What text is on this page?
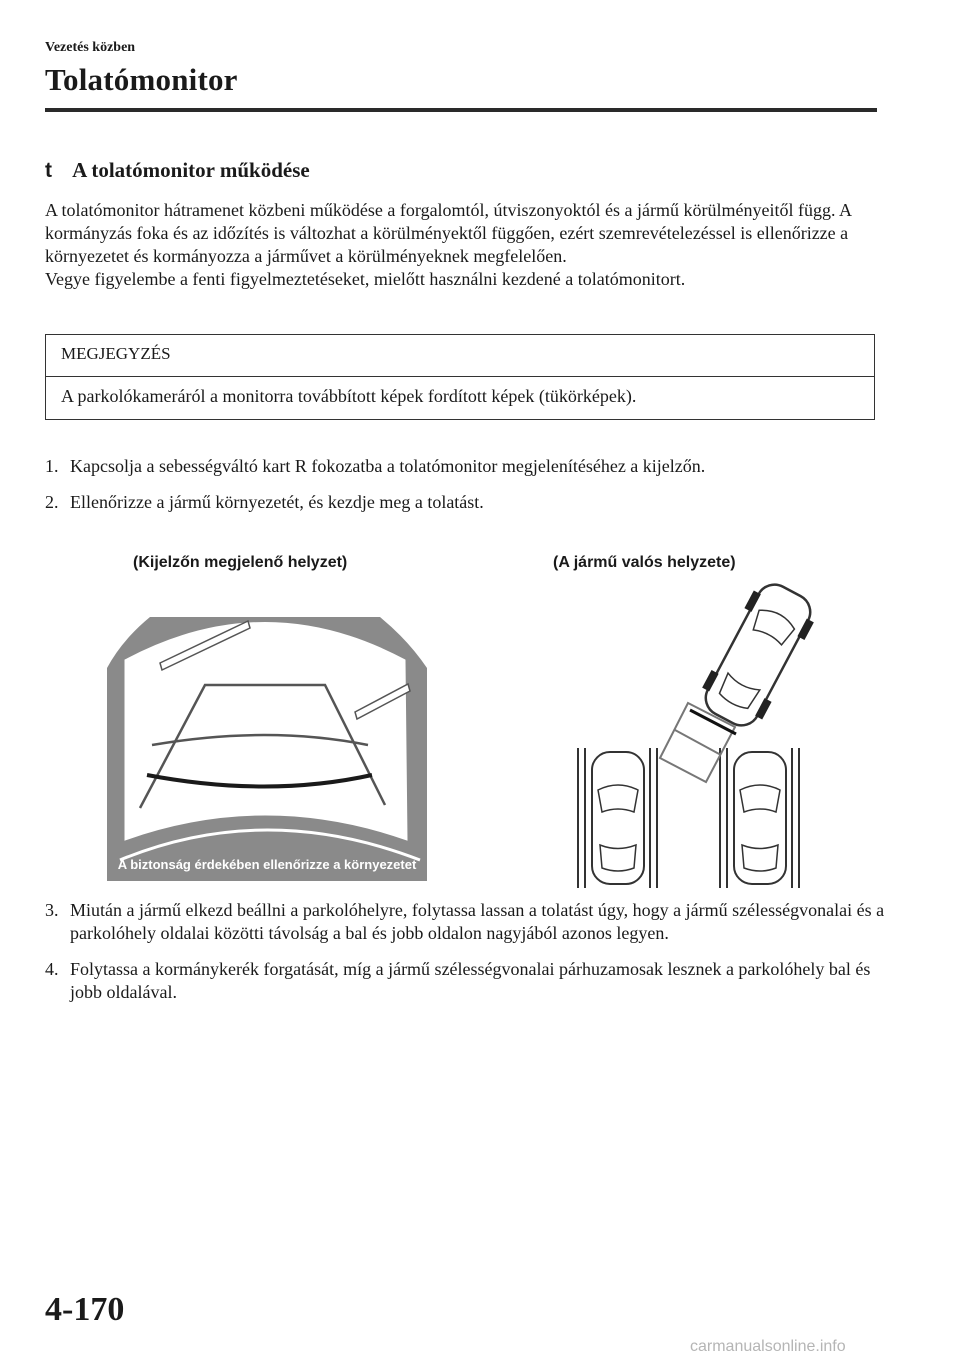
Vezetés közben
Tolatómonitor
t A tolatómonitor működése

A tolatómonitor hátramenet közbeni működése a forgalomtól, útviszonyoktól és a jármű körülményeitől függ. A kormányzás foka és az időzítés is változhat a körülményektől függően, ezért szemrevételezéssel is ellenőrizze a környezetet és kormányozza a járművet a körülményeknek megfelelően.

Vegye figyelembe a fenti figyelmeztetéseket, mielőtt használni kezdené a tolatómonitort.

MEGJEGYZÉS
A parkolókameráról a monitorra továbbított képek fordított képek (tükörképek).
1. Kapcsolja a sebességváltó kart R fokozatba a tolatómonitor megjelenítéséhez a kijelzőn.
2. Ellenőrizze a jármű környezetét, és kezdje meg a tolatást.
(Kijelzőn megjelenő helyzet)	(A jármű valós helyzete)
A biztonság érdekében ellenőrizze a környezetet
3. Miután a jármű elkezd beállni a parkolóhelyre, folytassa lassan a tolatást úgy, hogy a jármű szélességvonalai és a parkolóhely oldalai közötti távolság a bal és jobb oldalon nagyjából azonos legyen.
4. Folytassa a kormánykerék forgatását, míg a jármű szélességvonalai párhuzamosak lesznek a parkolóhely bal és jobb oldalával.
4-170
carmanualsonline.info
